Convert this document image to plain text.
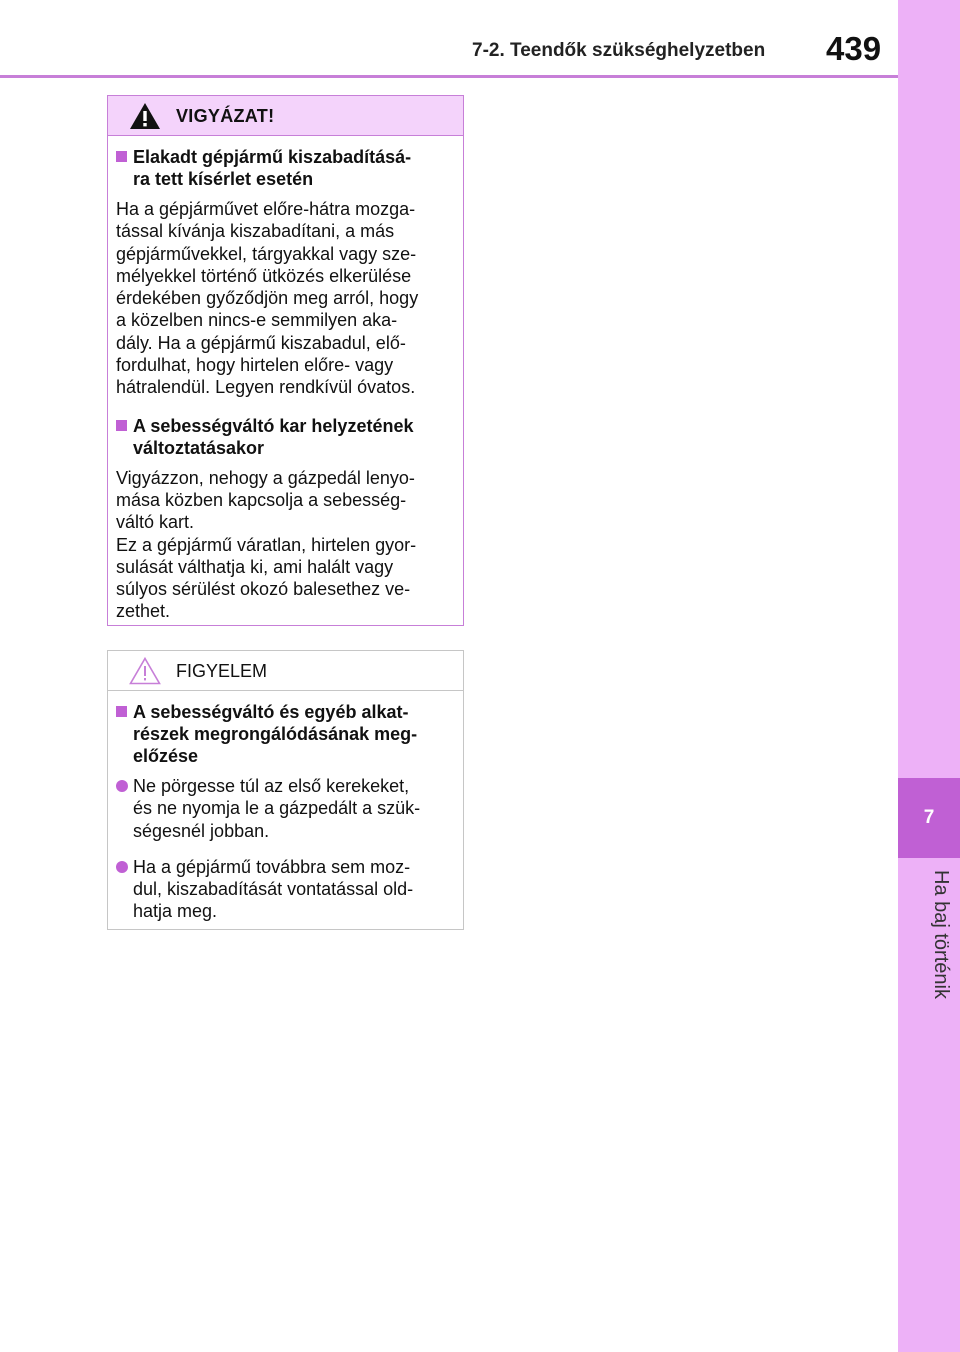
7-2. Teendők szükséghelyzetben 439
7
Ha baj történik
VIGYÁZAT!
Elakadt gépjármű kiszabadításá-
ra tett kísérlet esetén
Ha a gépjárművet előre-hátra mozga-
tással kívánja kiszabadítani, a más
gépjárművekkel, tárgyakkal vagy sze-
mélyekkel történő ütközés elkerülése
érdekében győződjön meg arról, hogy
a közelben nincs-e semmilyen aka-
dály. Ha a gépjármű kiszabadul, elő-
fordulhat, hogy hirtelen előre- vagy
hátralendül. Legyen rendkívül óvatos.
A sebességváltó kar helyzetének
változtatásakor
Vigyázzon, nehogy a gázpedál lenyo-
mása közben kapcsolja a sebesség-
váltó kart.
Ez a gépjármű váratlan, hirtelen gyor-
sulását válthatja ki, ami halált vagy
súlyos sérülést okozó balesethez ve-
zethet.
FIGYELEM
A sebességváltó és egyéb alkat-
részek megrongálódásának meg-
előzése
Ne pörgesse túl az első kerekeket,
és ne nyomja le a gázpedált a szük-
ségesnél jobban.
Ha a gépjármű továbbra sem moz-
dul, kiszabadítását vontatással old-
hatja meg.
